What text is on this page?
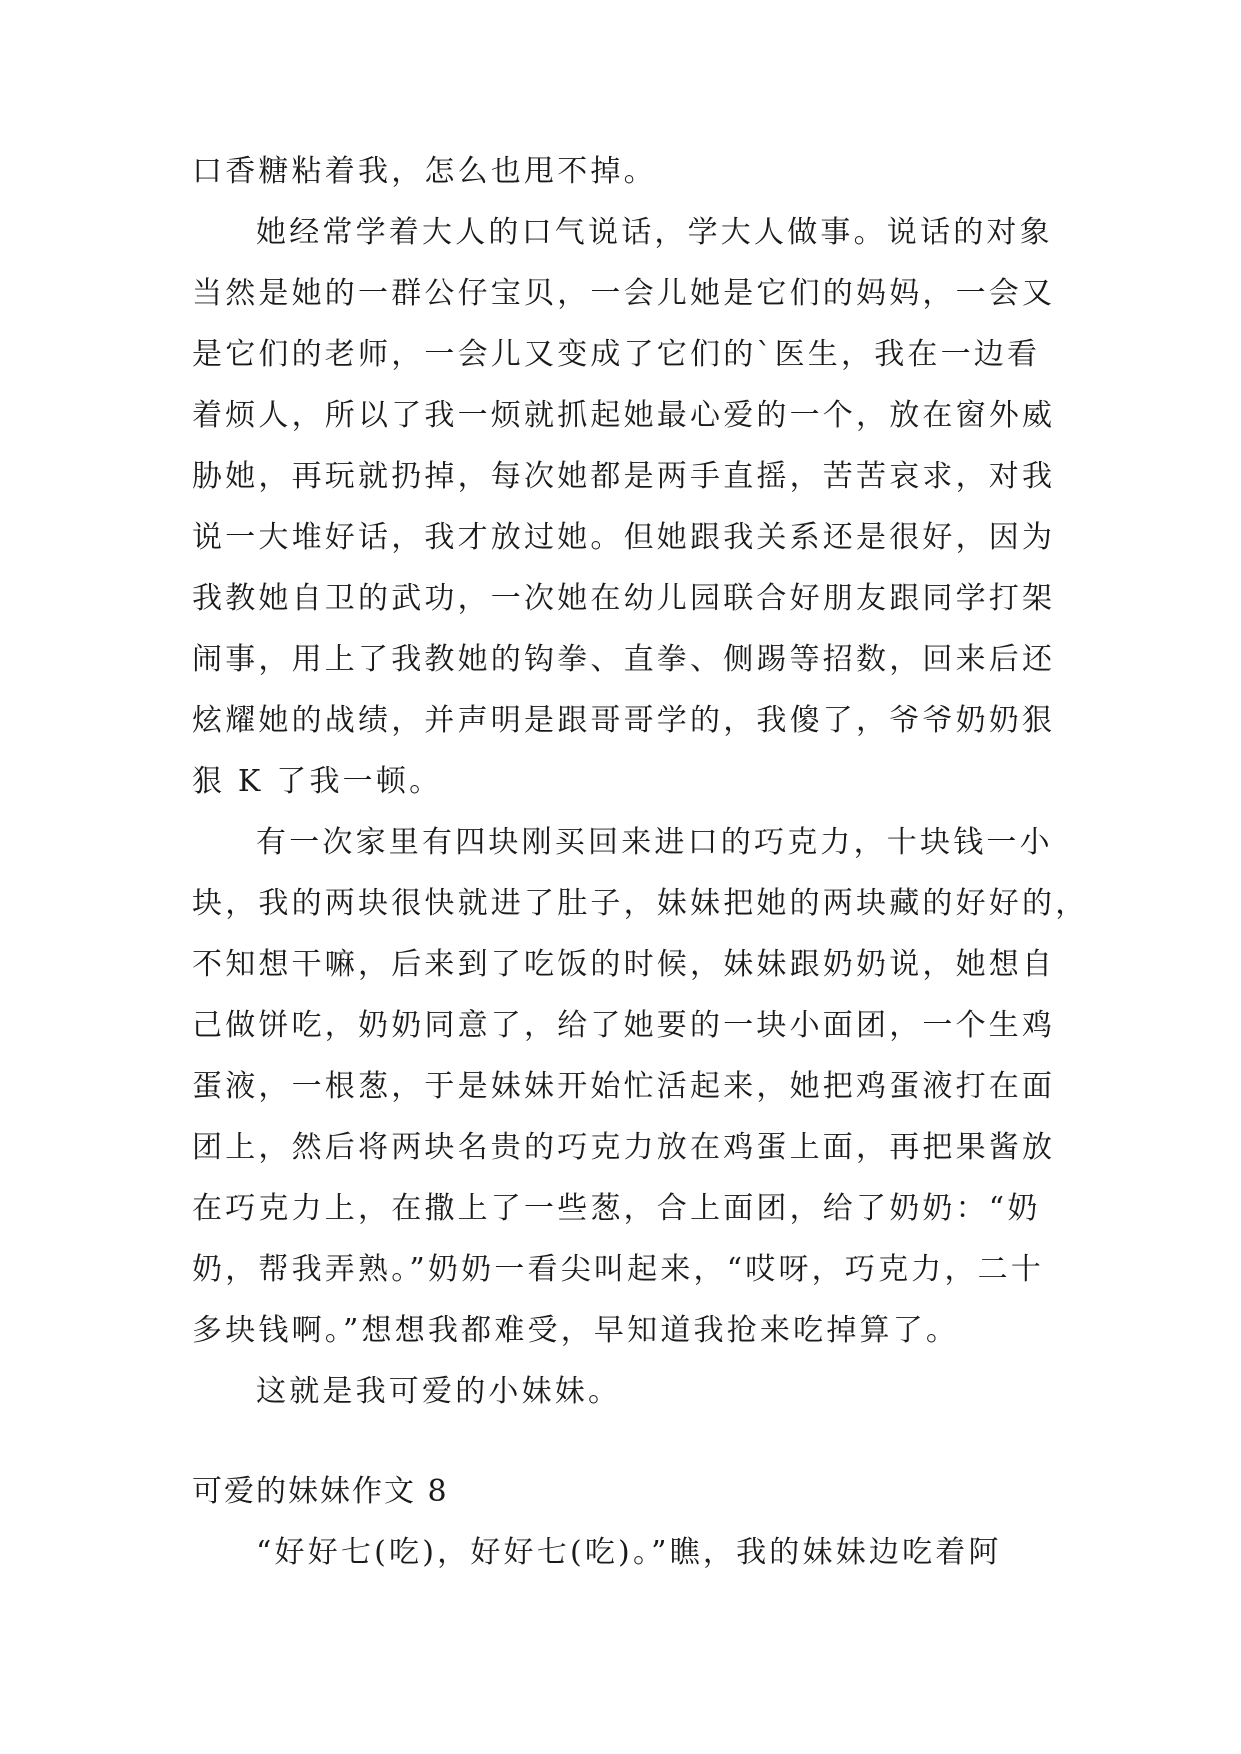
口香糖粘着我，怎么也甩不掉。
她经常学着大人的口气说话，学大人做事。说话的对象
当然是她的一群公仔宝贝，一会儿她是它们的妈妈，一会又
是它们的老师，一会儿又变成了它们的`医生，我在一边看
着烦人，所以了我一烦就抓起她最心爱的一个，放在窗外威
胁她，再玩就扔掉，每次她都是两手直摇，苦苦哀求，对我
说一大堆好话，我才放过她。但她跟我关系还是很好，因为
我教她自卫的武功，一次她在幼儿园联合好朋友跟同学打架
闹事，用上了我教她的钩拳、直拳、侧踢等招数，回来后还
炫耀她的战绩，并声明是跟哥哥学的，我傻了，爷爷奶奶狠
狠 K 了我一顿。
有一次家里有四块刚买回来进口的巧克力，十块钱一小
块，我的两块很快就进了肚子，妹妹把她的两块藏的好好的，
不知想干嘛，后来到了吃饭的时候，妹妹跟奶奶说，她想自
己做饼吃，奶奶同意了，给了她要的一块小面团，一个生鸡
蛋液，一根葱，于是妹妹开始忙活起来，她把鸡蛋液打在面
团上，然后将两块名贵的巧克力放在鸡蛋上面，再把果酱放
在巧克力上，在撒上了一些葱，合上面团，给了奶奶：“奶
奶，帮我弄熟。”奶奶一看尖叫起来，“哎呀，巧克力，二十
多块钱啊。”想想我都难受，早知道我抢来吃掉算了。
这就是我可爱的小妹妹。
可爱的妹妹作文 8
“好好七(吃)，好好七(吃)。”瞧，我的妹妹边吃着阿
